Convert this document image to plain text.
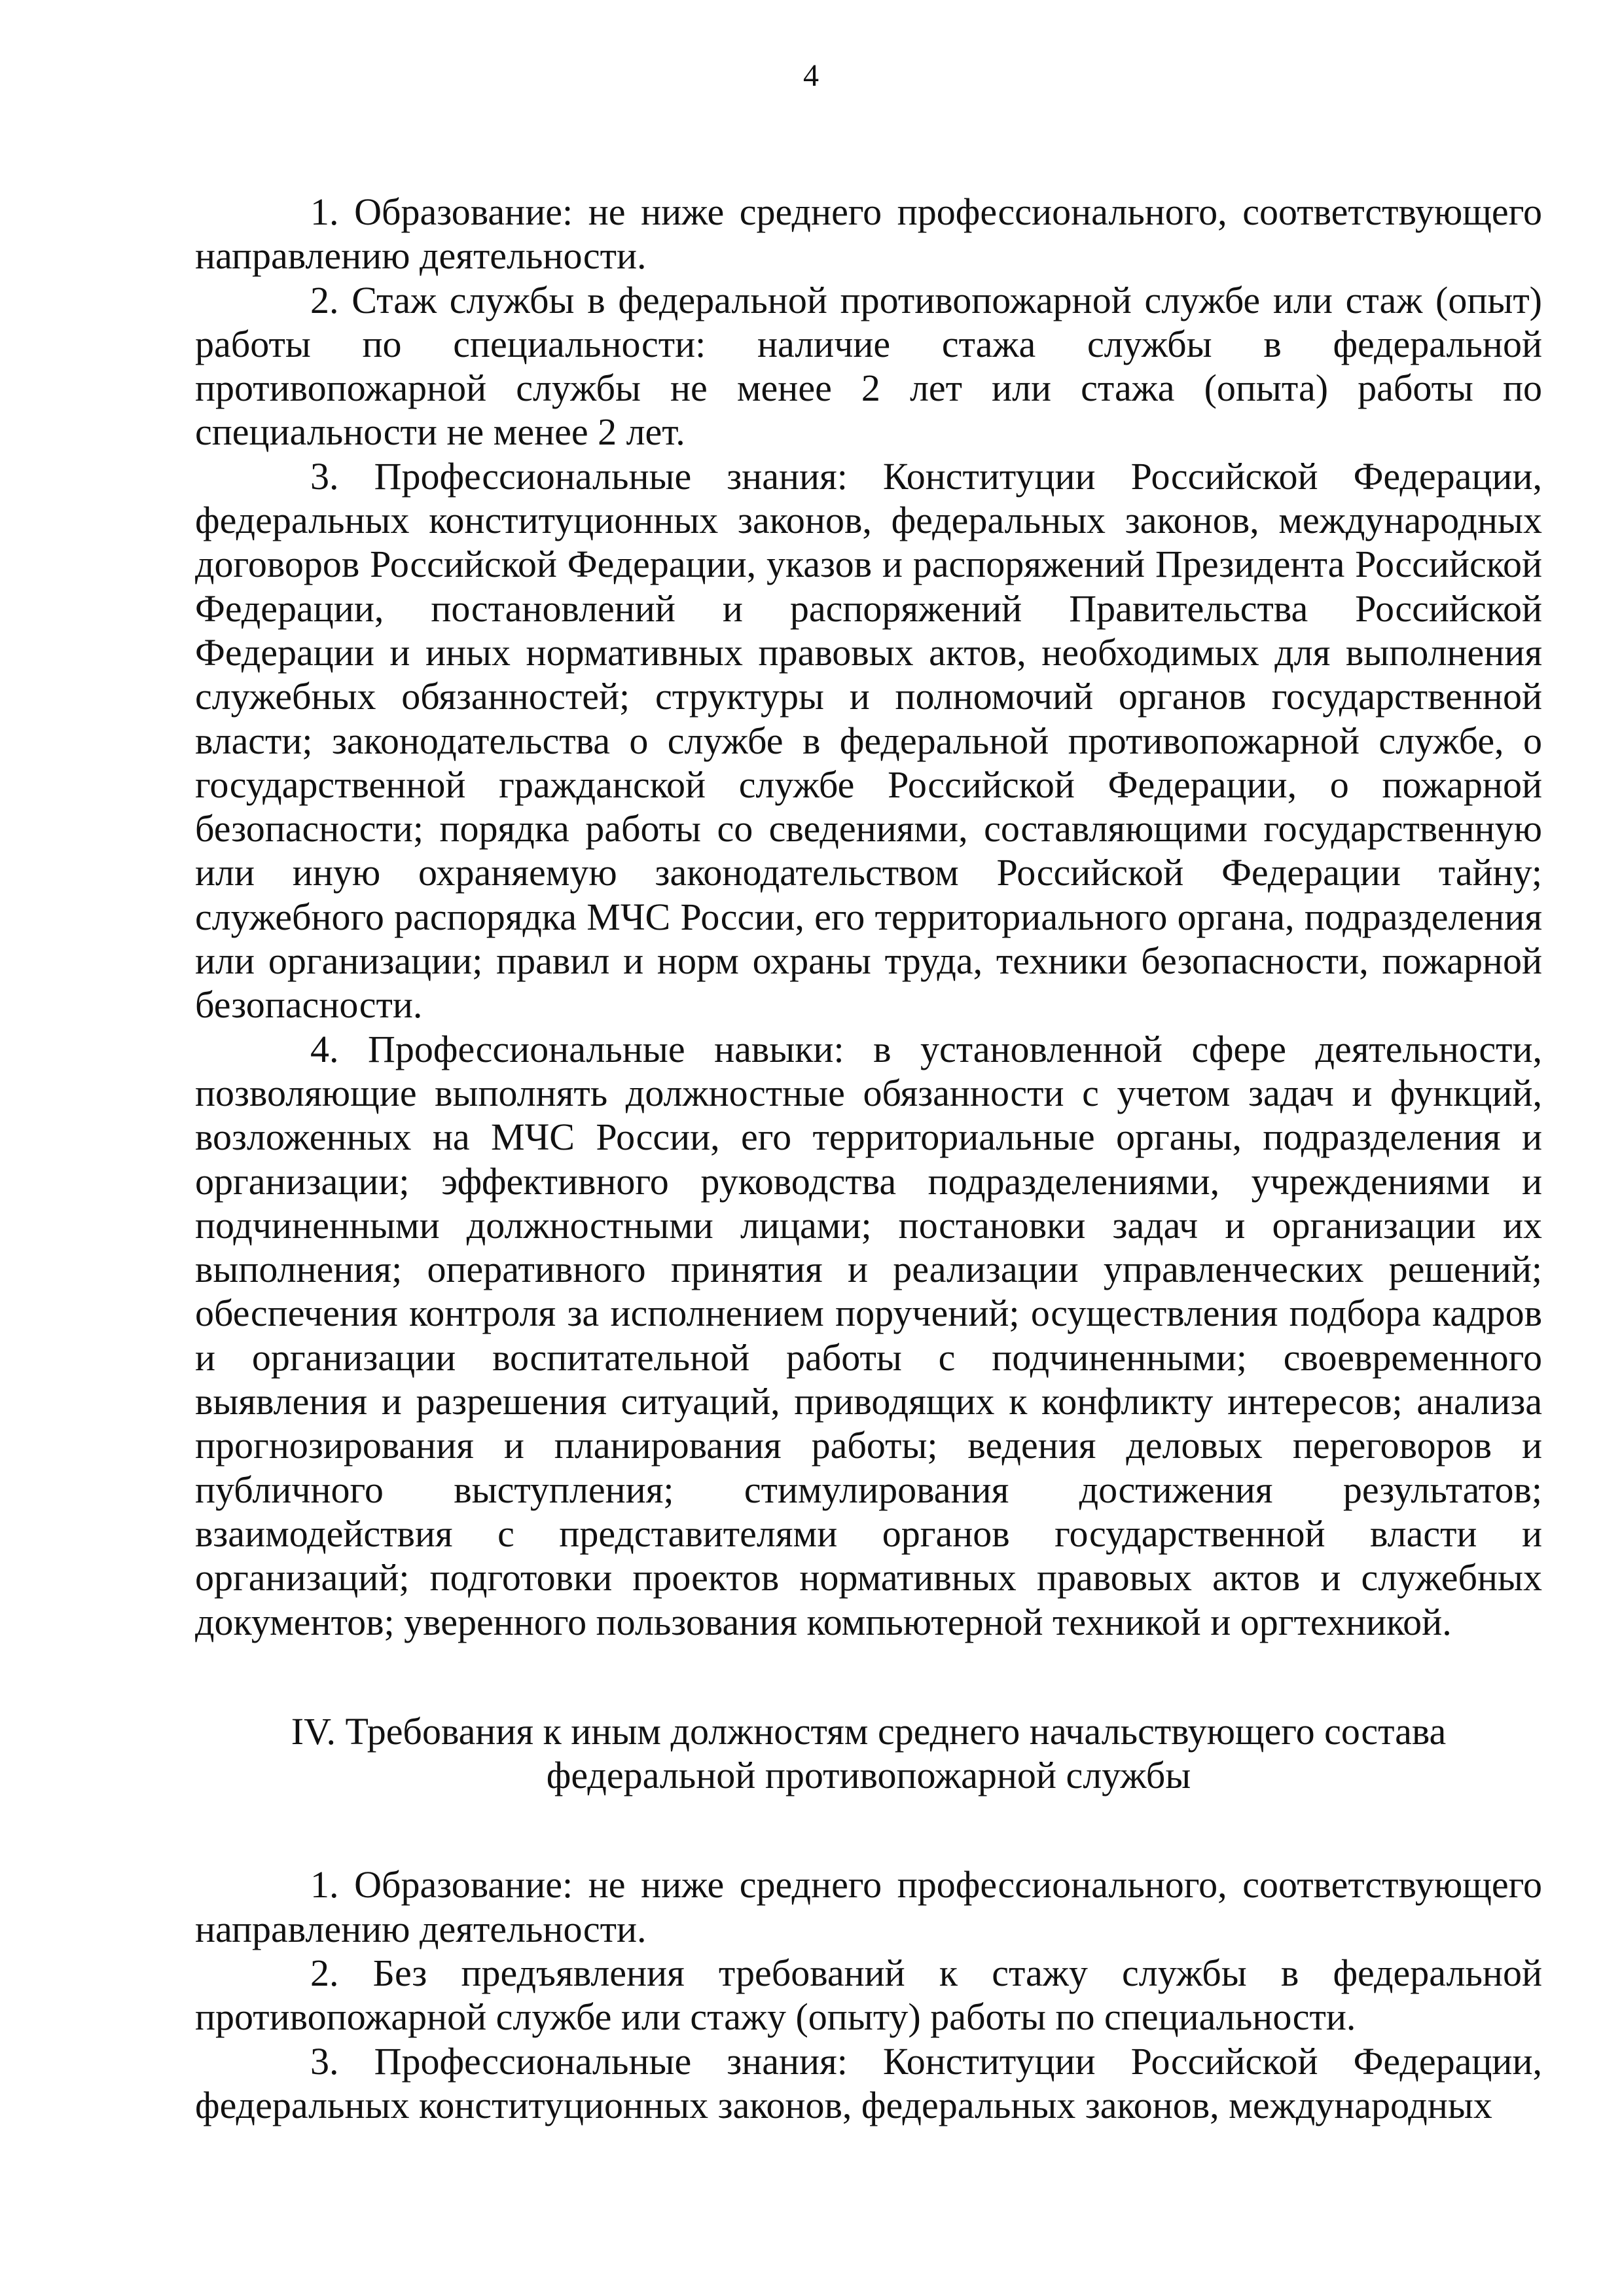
4

1. Образование: не ниже среднего профессионального, соответствующего направлению деятельности.

2. Стаж службы в федеральной противопожарной службе или стаж (опыт) работы по специальности: наличие стажа службы в федеральной противопожарной службы не менее 2 лет или стажа (опыта) работы по специальности не менее 2 лет.

3. Профессиональные знания: Конституции Российской Федерации, федеральных конституционных законов, федеральных законов, международных договоров Российской Федерации, указов и распоряжений Президента Российской Федерации, постановлений и распоряжений Правительства Российской Федерации и иных нормативных правовых актов, необходимых для выполнения служебных обязанностей; структуры и полномочий органов государственной власти; законодательства о службе в федеральной противопожарной службе, о государственной гражданской службе Российской Федерации, о пожарной безопасности; порядка работы со сведениями, составляющими государственную или иную охраняемую законодательством Российской Федерации тайну; служебного распорядка МЧС России, его территориального органа, подразделения или организации; правил и норм охраны труда, техники безопасности, пожарной безопасности.

4. Профессиональные навыки: в установленной сфере деятельности, позволяющие выполнять должностные обязанности с учетом задач и функций, возложенных на МЧС России, его территориальные органы, подразделения и организации; эффективного руководства подразделениями, учреждениями и подчиненными должностными лицами; постановки задач и организации их выполнения; оперативного принятия и реализации управленческих решений; обеспечения контроля за исполнением поручений; осуществления подбора кадров и организации воспитательной работы с подчиненными; своевременного выявления и разрешения ситуаций, приводящих к конфликту интересов; анализа прогнозирования и планирования работы; ведения деловых переговоров и публичного выступления; стимулирования достижения результатов; взаимодействия с представителями органов государственной власти и организаций; подготовки проектов нормативных правовых актов и служебных документов; уверенного пользования компьютерной техникой и оргтехникой.

IV. Требования к иным должностям среднего начальствующего состава
федеральной противопожарной службы

1. Образование: не ниже среднего профессионального, соответствующего направлению деятельности.

2. Без предъявления требований к стажу службы в федеральной противопожарной службе или стажу (опыту) работы по специальности.

3. Профессиональные знания: Конституции Российской Федерации, федеральных конституционных законов, федеральных законов, международных
